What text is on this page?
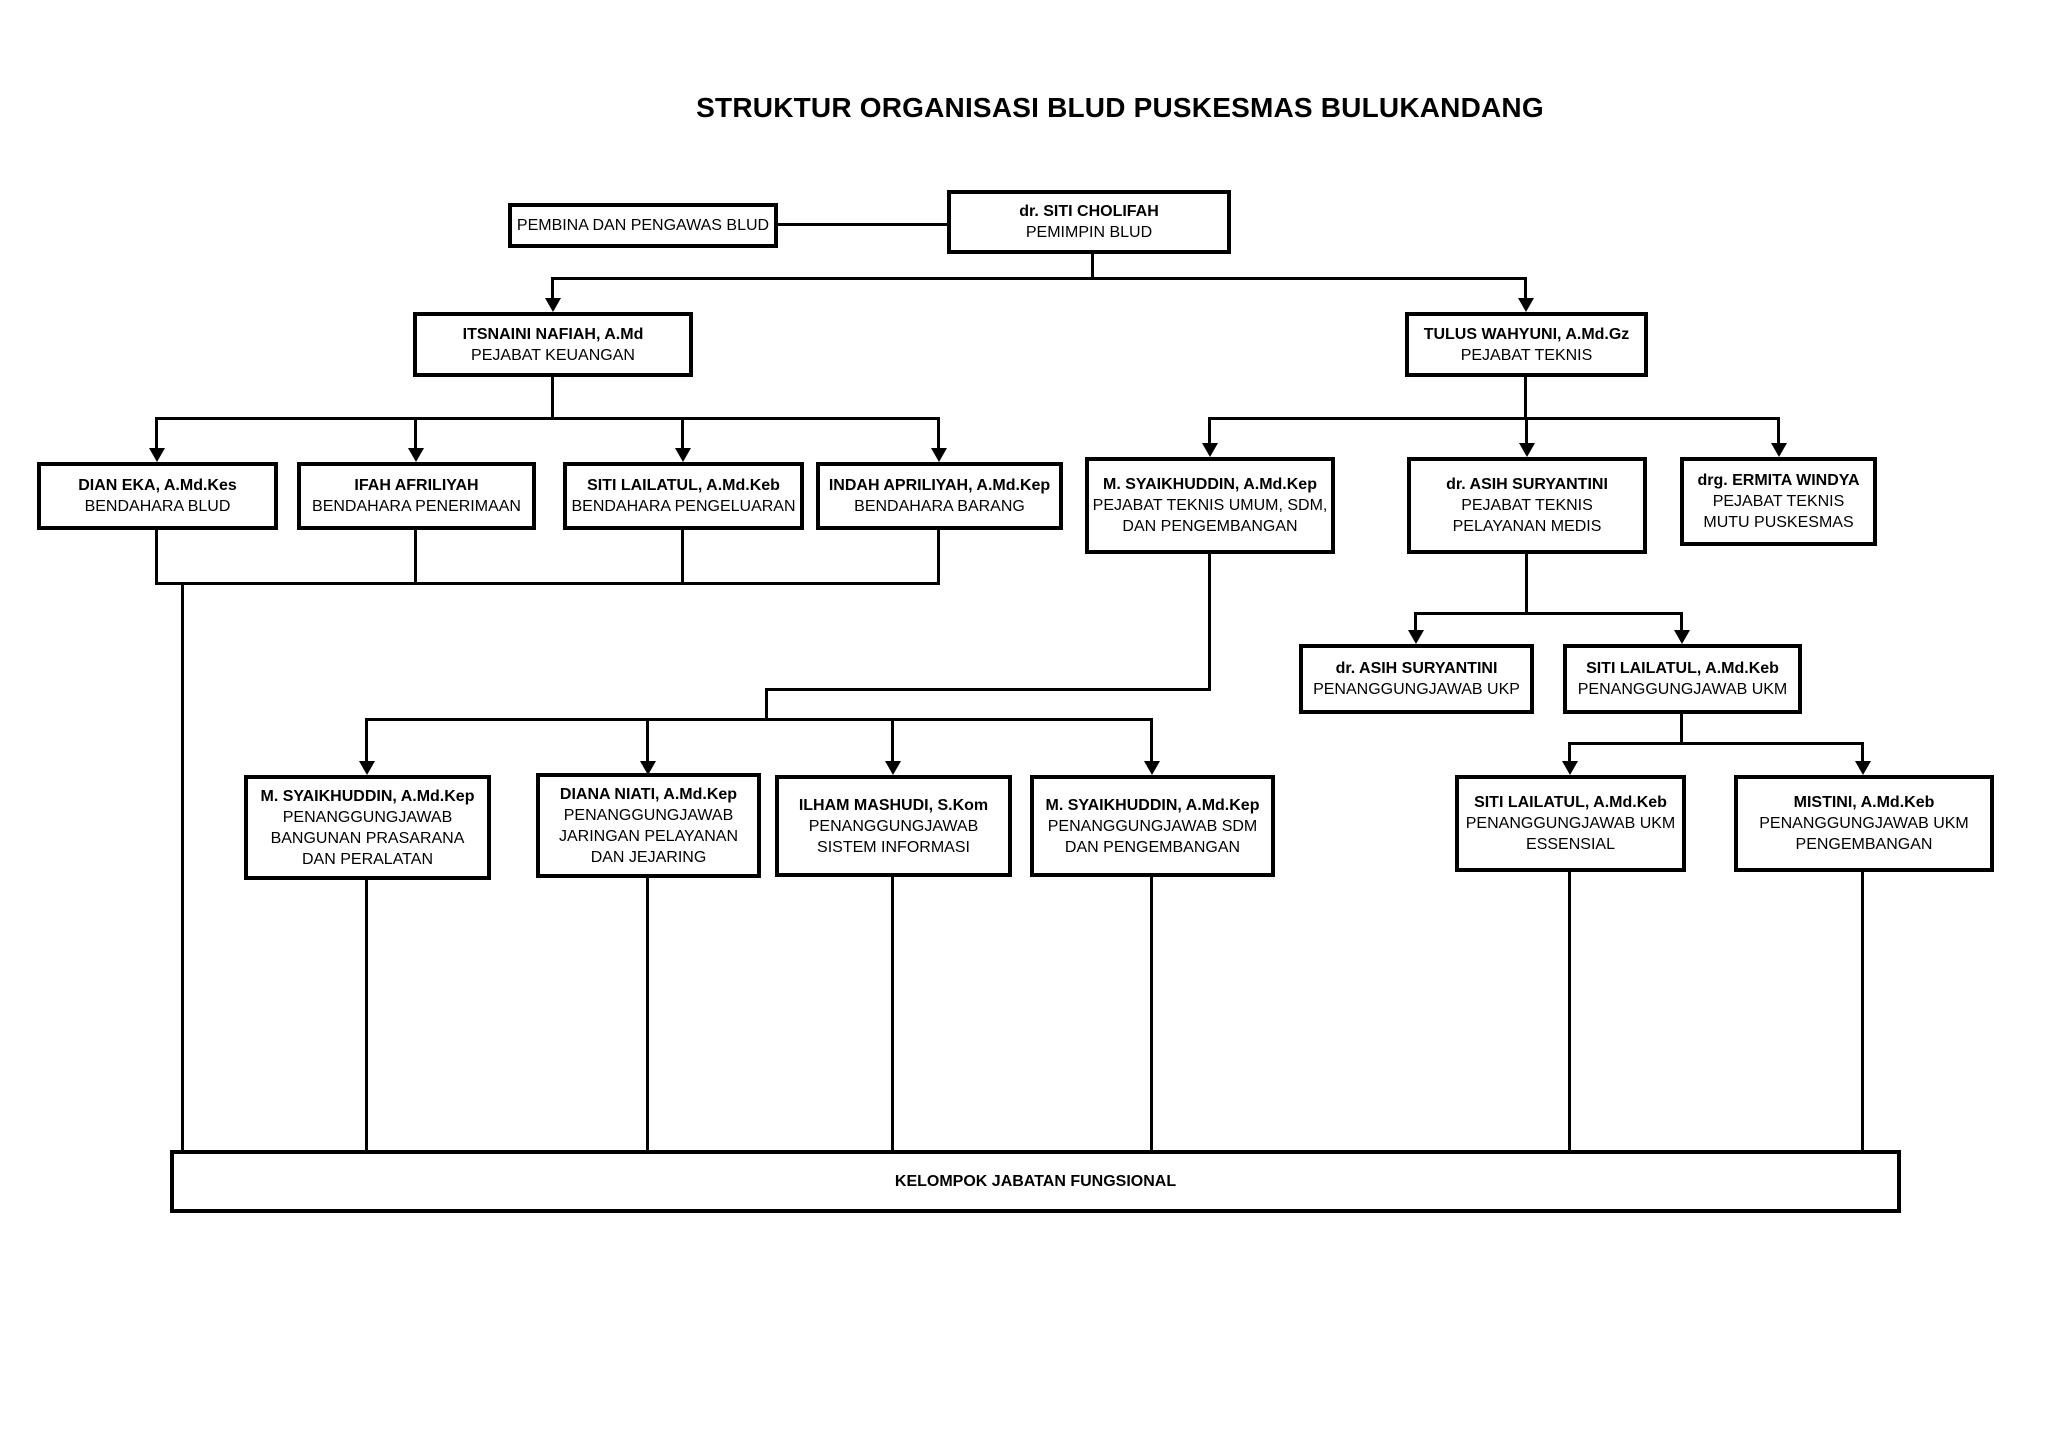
STRUKTUR ORGANISASI BLUD PUSKESMAS BULUKANDANG
PEMBINA DAN PENGAWAS BLUD
dr. SITI CHOLIFAH
PEMIMPIN BLUD
ITSNAINI NAFIAH, A.Md
PEJABAT KEUANGAN
TULUS WAHYUNI, A.Md.Gz
PEJABAT TEKNIS
DIAN EKA, A.Md.Kes
BENDAHARA BLUD
IFAH AFRILIYAH
BENDAHARA PENERIMAAN
SITI LAILATUL, A.Md.Keb
BENDAHARA PENGELUARAN
INDAH APRILIYAH, A.Md.Kep
BENDAHARA BARANG
M. SYAIKHUDDIN, A.Md.Kep
PEJABAT TEKNIS UMUM, SDM,
DAN PENGEMBANGAN
dr. ASIH SURYANTINI
PEJABAT TEKNIS
PELAYANAN MEDIS
drg. ERMITA WINDYA
PEJABAT TEKNIS
MUTU PUSKESMAS
dr. ASIH SURYANTINI
PENANGGUNGJAWAB UKP
SITI LAILATUL, A.Md.Keb
PENANGGUNGJAWAB UKM
M. SYAIKHUDDIN, A.Md.Kep
PENANGGUNGJAWAB
BANGUNAN PRASARANA
DAN PERALATAN
DIANA NIATI, A.Md.Kep
PENANGGUNGJAWAB
JARINGAN PELAYANAN
DAN JEJARING
ILHAM MASHUDI, S.Kom
PENANGGUNGJAWAB
SISTEM INFORMASI
M. SYAIKHUDDIN, A.Md.Kep
PENANGGUNGJAWAB SDM
DAN PENGEMBANGAN
SITI LAILATUL, A.Md.Keb
PENANGGUNGJAWAB UKM
ESSENSIAL
MISTINI, A.Md.Keb
PENANGGUNGJAWAB UKM
PENGEMBANGAN
KELOMPOK JABATAN FUNGSIONAL
